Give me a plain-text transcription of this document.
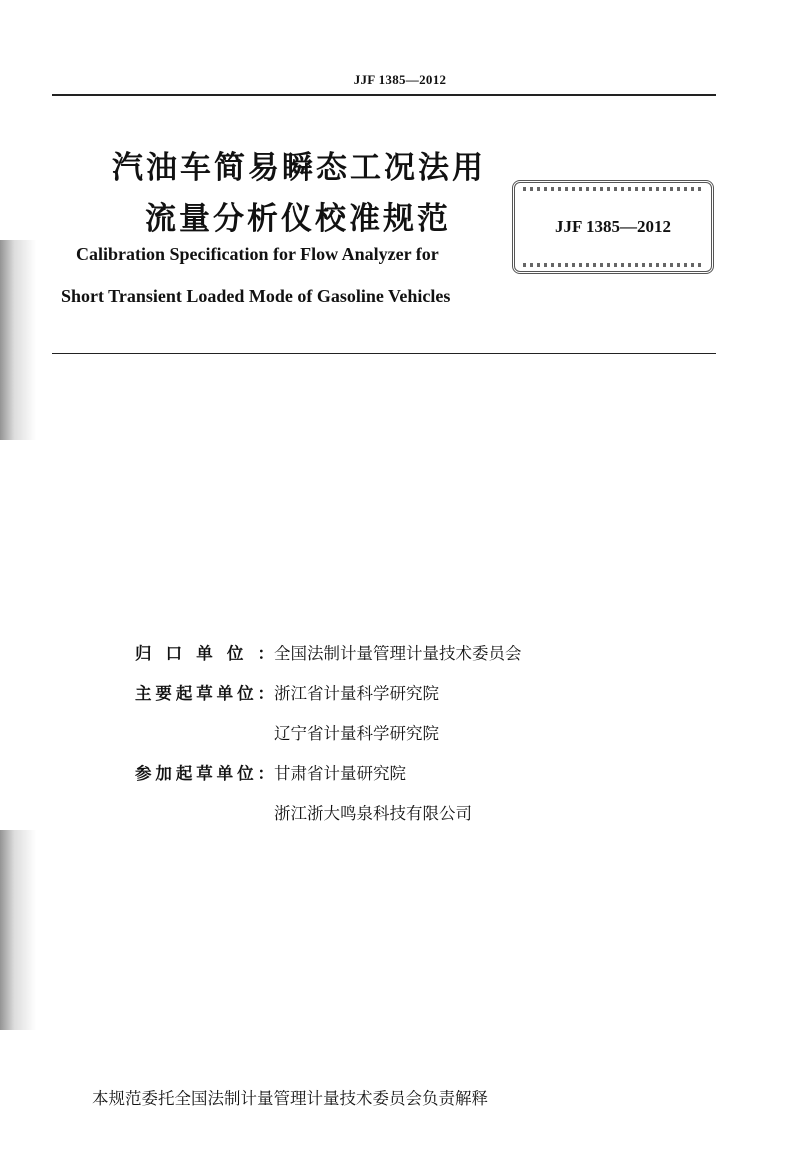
JJF 1385—2012
汽油车简易瞬态工况法用
流量分析仪校准规范	JJF 1385—2012
Calibration Specification for Flow Analyzer for
Short Transient Loaded Mode of Gasoline Vehicles
归口单位： 全国法制计量管理计量技术委员会
主要起草单位： 浙江省计量科学研究院
辽宁省计量科学研究院
参加起草单位： 甘肃省计量研究院
浙江浙大鸣泉科技有限公司
本规范委托全国法制计量管理计量技术委员会负责解释
